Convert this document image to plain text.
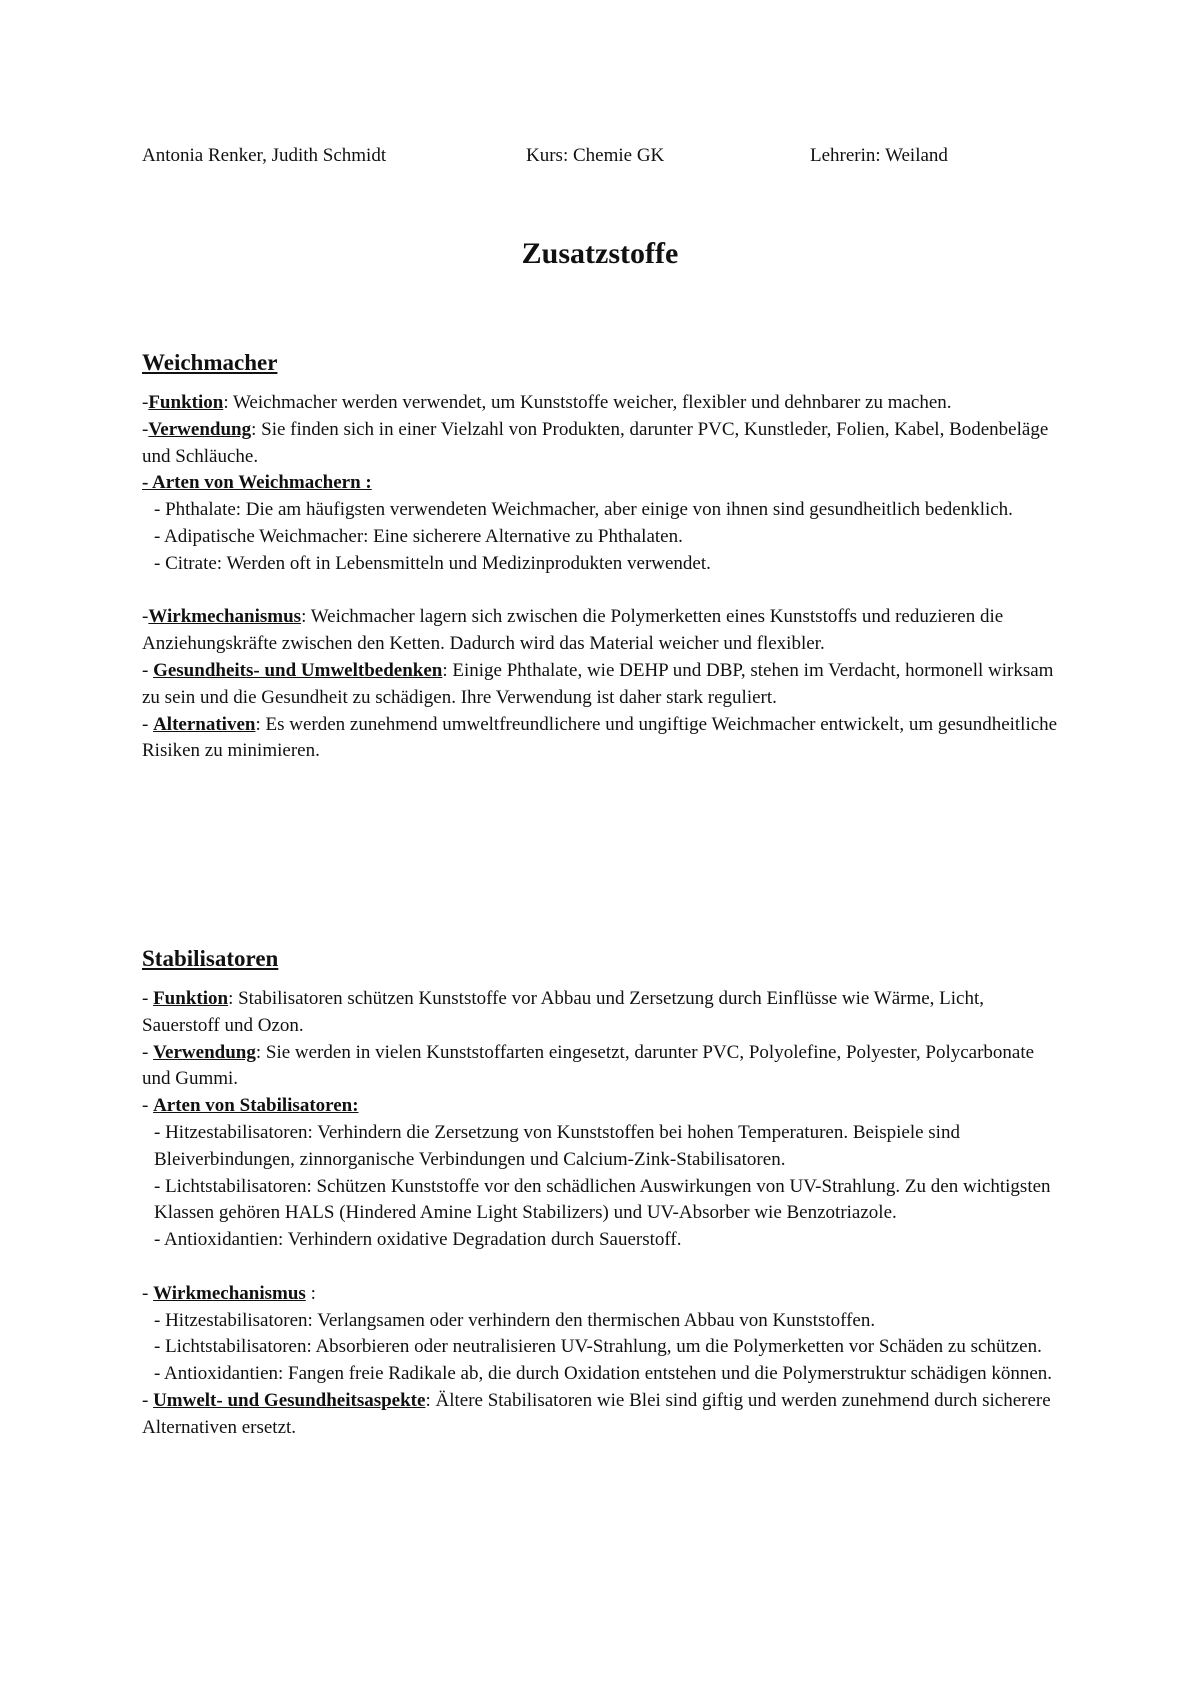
Antonia Renker, Judith Schmidt	Kurs: Chemie GK	Lehrerin: Weiland
Zusatzstoffe
Weichmacher

-Funktion: Weichmacher werden verwendet, um Kunststoffe weicher, flexibler und dehnbarer zu machen.

-Verwendung: Sie finden sich in einer Vielzahl von Produkten, darunter PVC, Kunstleder, Folien, Kabel, Bodenbeläge und Schläuche.

- Arten von Weichmachern :

- Phthalate: Die am häufigsten verwendeten Weichmacher, aber einige von ihnen sind gesundheitlich bedenklich.

- Adipatische Weichmacher: Eine sicherere Alternative zu Phthalaten.

- Citrate: Werden oft in Lebensmitteln und Medizinprodukten verwendet.

-Wirkmechanismus: Weichmacher lagern sich zwischen die Polymerketten eines Kunststoffs und reduzieren die Anziehungskräfte zwischen den Ketten. Dadurch wird das Material weicher und flexibler.

- Gesundheits- und Umweltbedenken: Einige Phthalate, wie DEHP und DBP, stehen im Verdacht, hormonell wirksam zu sein und die Gesundheit zu schädigen. Ihre Verwendung ist daher stark reguliert.

- Alternativen: Es werden zunehmend umweltfreundlichere und ungiftige Weichmacher entwickelt, um gesundheitliche Risiken zu minimieren.

Stabilisatoren

- Funktion: Stabilisatoren schützen Kunststoffe vor Abbau und Zersetzung durch Einflüsse wie Wärme, Licht, Sauerstoff und Ozon.

- Verwendung: Sie werden in vielen Kunststoffarten eingesetzt, darunter PVC, Polyolefine, Polyester, Polycarbonate und Gummi.

- Arten von Stabilisatoren:

- Hitzestabilisatoren: Verhindern die Zersetzung von Kunststoffen bei hohen Temperaturen. Beispiele sind Bleiverbindungen, zinnorganische Verbindungen und Calcium-Zink-Stabilisatoren.

- Lichtstabilisatoren: Schützen Kunststoffe vor den schädlichen Auswirkungen von UV-Strahlung. Zu den wichtigsten Klassen gehören HALS (Hindered Amine Light Stabilizers) und UV-Absorber wie Benzotriazole.

- Antioxidantien: Verhindern oxidative Degradation durch Sauerstoff.

- Wirkmechanismus :

- Hitzestabilisatoren: Verlangsamen oder verhindern den thermischen Abbau von Kunststoffen.

- Lichtstabilisatoren: Absorbieren oder neutralisieren UV-Strahlung, um die Polymerketten vor Schäden zu schützen.

- Antioxidantien: Fangen freie Radikale ab, die durch Oxidation entstehen und die Polymerstruktur schädigen können.

- Umwelt- und Gesundheitsaspekte: Ältere Stabilisatoren wie Blei sind giftig und werden zunehmend durch sicherere Alternativen ersetzt.
